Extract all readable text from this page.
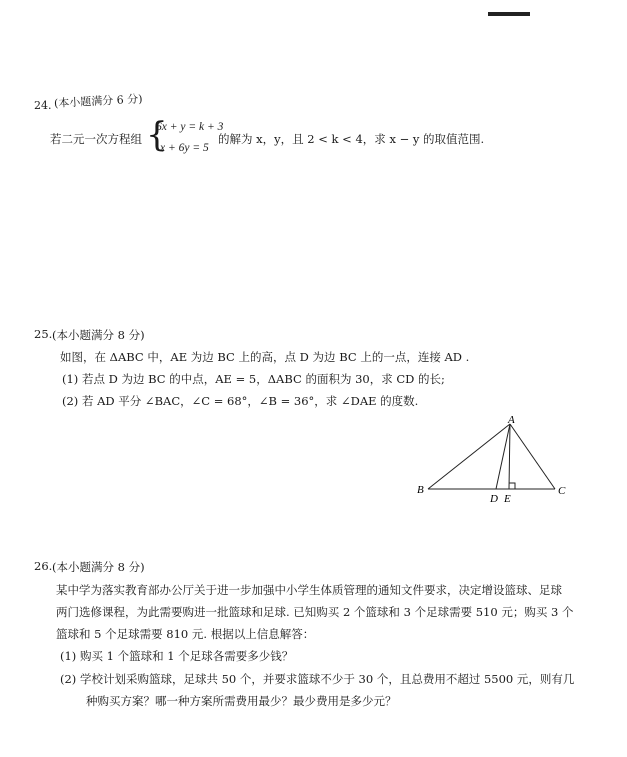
24. (本小题满分 6 分)
若二元一次方程组 {
6x + y = k + 3
x + 6y = 5
的解为 x，y，且 2 < k < 4，求 x − y 的取值范围.
25. (本小题满分 8 分)
如图，在 ΔABC 中，AE 为边 BC 上的高，点 D 为边 BC 上的一点，连接 AD .
(1) 若点 D 为边 BC 的中点，AE = 5，ΔABC 的面积为 30，求 CD 的长;
(2) 若 AD 平分 ∠BAC，∠C = 68°，∠B = 36°，求 ∠DAE 的度数.
A
B	C
D E
26. (本小题满分 8 分)
某中学为落实教育部办公厅关于进一步加强中小学生体质管理的通知文件要求，决定增设篮球、足球
两门选修课程，为此需要购进一批篮球和足球. 已知购买 2 个篮球和 3 个足球需要 510 元；购买 3 个
篮球和 5 个足球需要 810 元. 根据以上信息解答：
(1) 购买 1 个篮球和 1 个足球各需要多少钱？
(2) 学校计划采购篮球，足球共 50 个，并要求篮球不少于 30 个，且总费用不超过 5500 元，则有几
种购买方案？哪一种方案所需费用最少？最少费用是多少元？
